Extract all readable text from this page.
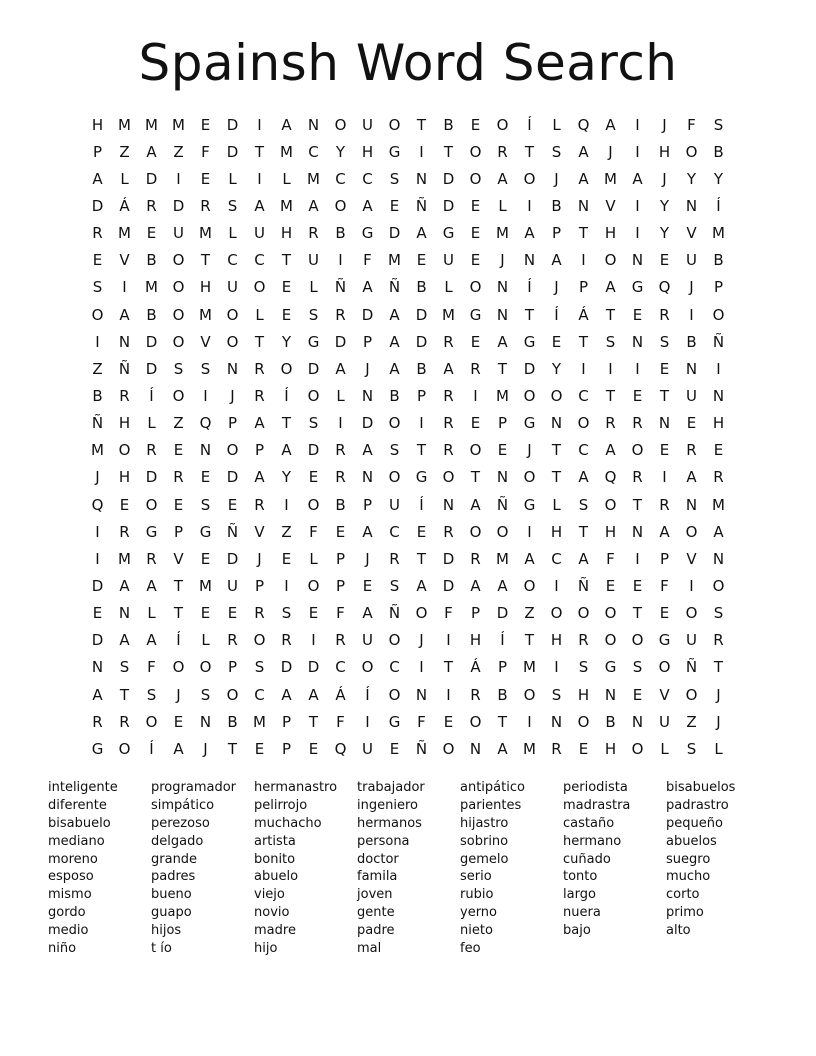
Spainsh Word Search
H M M M	E	D	I	A	N	O	U	O	T	B	E	O	Í	L	Q	A	I	J	F	S
P	Z	A	Z	F	D	T	M	C	Y	H	G	I	T	O	R	T	S	A	J	I	H	O	B
A	L	D	I	E	L	I	L	M	C	C	S	N	D	O	A	O	J	A	M	A	J	Y	Y
D	Á	R	D	R	S	A	M	A	O	A	E	Ñ	D	E	L	I	B	N	V	I	Y	N	Í
R	M	E	U	M	L	U	H	R	B	G	D	A	G	E	M	A	P	T	H	I	Y	V	M
E	V	B	O	T	C	C	T	U	I	F	M	E	U	E	J	N	A	I	O	N	E	U	B
S	I	M O	H	U	O	E	L	Ñ	A	Ñ	B	L	O	N	Í	J	P	A	G	Q	J	P
O	A	B	O M O	L	E	S	R	D	A	D M G	N	T	Í	Á	T	E	R	I	O
I	N	D	O	V	O	T	Y	G	D	P	A	D	R	E	A	G	E	T	S	N	S	B	Ñ
Z	Ñ	D	S	S	N	R	O	D	A	J	A	B	A	R	T	D	Y	I	I	I	E	N	I
B	R	Í	O	I	J	R	Í	O	L	N	B	P	R	I	M O	O	C	T	E	T	U	N
Ñ	H	L	Z	Q	P	A	T	S	I	D	O	I	R	E	P	G	N	O	R	R	N	E	H
M O	R	E	N	O	P	A	D	R	A	S	T	R	O	E	J	T	C	A	O	E	R	E
J	H	D	R	E	D	A	Y	E	R	N	O	G	O	T	N	O	T	A	Q	R	I	A	R
Q	E	O	E	S	E	R	I	O	B	P	U	Í	N	A	Ñ	G	L	S	O	T	R	N M
I	R	G	P	G	Ñ	V	Z	F	E	A	C	E	R	O	O	I	H	T	H	N	A	O	A
I	M	R	V	E	D	J	E	L	P	J	R	T	D	R	M	A	C	A	F	I	P	V	N
D	A	A	T	M	U	P	I	O	P	E	S	A	D	A	A	O	I	Ñ	E	E	F	I	O
E	N	L	T	E	E	R	S	E	F	A	Ñ	O	F	P	D	Z	O	O	O	T	E	O	S
D	A	A	Í	L	R	O	R	I	R	U	O	J	I	H	Í	T	H	R	O	O	G	U	R
N	S	F	O	O	P	S	D	D	C	O	C	I	T	Á	P	M	I	S	G	S	O	Ñ	T
A	T	S	J	S	O	C	A	A	Á	Í	O	N	I	R	B	O	S	H	N	E	V	O	J
R	R	O	E	N	B	M	P	T	F	I	G	F	E	O	T	I	N	O	B	N	U	Z	J
G	O	Í	A	J	T	E	P	E	Q	U	E	Ñ	O	N	A	M	R	E	H	O	L	S	L
inteligente
diferente
bisabuelo
mediano
moreno
esposo
mismo
gordo
medio
niño
programador
simpático
perezoso
delgado
grande
padres
bueno
guapo
hijos
t ío
hermanastro
pelirrojo
muchacho
artista
bonito
abuelo
viejo
novio
madre
hijo
trabajador
ingeniero
hermanos
persona
doctor
famila
joven
gente
padre
mal
antipático
parientes
hijastro
sobrino
gemelo
serio
rubio
yerno
nieto
feo
periodista
madrastra
castaño
hermano
cuñado
tonto
largo
nuera
bajo
bisabuelos
padrastro
pequeño
abuelos
suegro
mucho
corto
primo
alto
